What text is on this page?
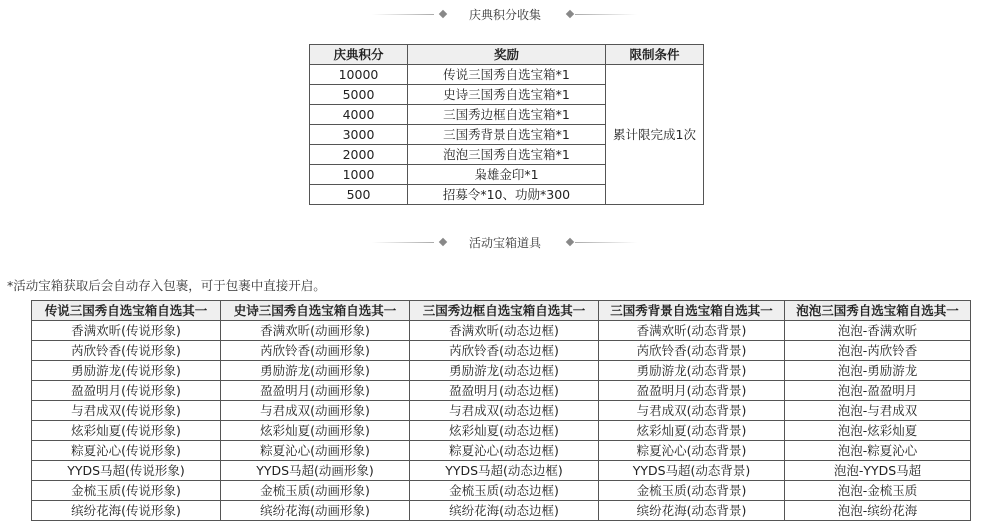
庆典积分收集
庆典积分	奖励	限制条件
10000	传说三国秀自选宝箱*1	累计限完成1次
5000	史诗三国秀自选宝箱*1	
4000	三国秀边框自选宝箱*1	
3000	三国秀背景自选宝箱*1	
2000	泡泡三国秀自选宝箱*1	
1000	枭雄金印*1	
500	招募令*10、功勋*300	
活动宝箱道具
*活动宝箱获取后会自动存入包裹，可于包裹中直接开启。
传说三国秀自选宝箱自选其一	史诗三国秀自选宝箱自选其一	三国秀边框自选宝箱自选其一	三国秀背景自选宝箱自选其一	泡泡三国秀自选宝箱自选其一
香满欢昕(传说形象)	香满欢昕(动画形象)	香满欢昕(动态边框)	香满欢昕(动态背景)	泡泡-香满欢昕
芮欣铃香(传说形象)	芮欣铃香(动画形象)	芮欣铃香(动态边框)	芮欣铃香(动态背景)	泡泡-芮欣铃香
勇励游龙(传说形象)	勇励游龙(动画形象)	勇励游龙(动态边框)	勇励游龙(动态背景)	泡泡-勇励游龙
盈盈明月(传说形象)	盈盈明月(动画形象)	盈盈明月(动态边框)	盈盈明月(动态背景)	泡泡-盈盈明月
与君成双(传说形象)	与君成双(动画形象)	与君成双(动态边框)	与君成双(动态背景)	泡泡-与君成双
炫彩灿夏(传说形象)	炫彩灿夏(动画形象)	炫彩灿夏(动态边框)	炫彩灿夏(动态背景)	泡泡-炫彩灿夏
粽夏沁心(传说形象)	粽夏沁心(动画形象)	粽夏沁心(动态边框)	粽夏沁心(动态背景)	泡泡-粽夏沁心
YYDS马超(传说形象)	YYDS马超(动画形象)	YYDS马超(动态边框)	YYDS马超(动态背景)	泡泡-YYDS马超
金梳玉质(传说形象)	金梳玉质(动画形象)	金梳玉质(动态边框)	金梳玉质(动态背景)	泡泡-金梳玉质
缤纷花海(传说形象)	缤纷花海(动画形象)	缤纷花海(动态边框)	缤纷花海(动态背景)	泡泡-缤纷花海
